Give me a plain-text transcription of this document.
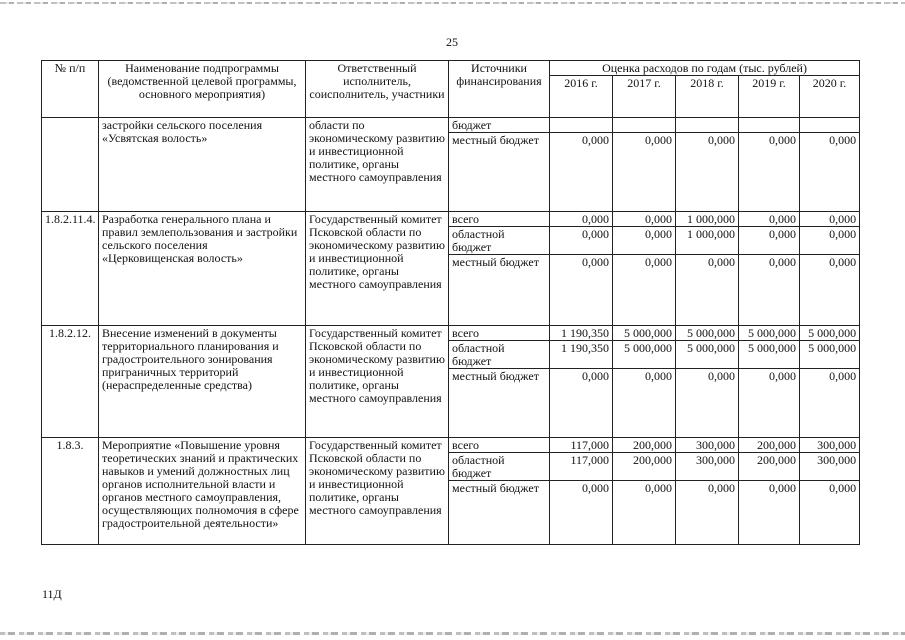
25
№ п/п	Наименование подпрограммы (ведомственной целевой программы, основного мероприятия)	Ответственный исполнитель, соисполнитель, участники	Источники финансирования	Оценка расходов по годам (тыс. рублей)				
				2016 г.	2017 г.	2018 г.	2019 г.	2020 г.
	застройки сельского поселения «Усвятская волость»	области по экономическому развитию и инвестиционной политике, органы местного самоуправления	бюджет					
			местный бюджет	0,000	0,000	0,000	0,000	0,000
1.8.2.11.4.	Разработка генерального плана и правил землепользования и застройки сельского поселения «Церковищенская волость»	Государственный комитет Псковской области по экономическому развитию и инвестиционной политике, органы местного самоуправления	всего	0,000	0,000	1 000,000	0,000	0,000
			областной бюджет	0,000	0,000	1 000,000	0,000	0,000
			местный бюджет	0,000	0,000	0,000	0,000	0,000
1.8.2.12.	Внесение изменений в документы территориального планирования и градостроительного зонирования приграничных территорий (нераспределенные средства)	Государственный комитет Псковской области по экономическому развитию и инвестиционной политике, органы местного самоуправления	всего	1 190,350	5 000,000	5 000,000	5 000,000	5 000,000
			областной бюджет	1 190,350	5 000,000	5 000,000	5 000,000	5 000,000
			местный бюджет	0,000	0,000	0,000	0,000	0,000
1.8.3.	Мероприятие «Повышение уровня теоретических знаний и практических навыков и умений должностных лиц органов исполнительной власти и органов местного самоуправления, осуществляющих полномочия в сфере градостроительной деятельности»	Государственный комитет Псковской области по экономическому развитию и инвестиционной политике, органы местного самоуправления	всего	117,000	200,000	300,000	200,000	300,000
			областной бюджет	117,000	200,000	300,000	200,000	300,000
			местный бюджет	0,000	0,000	0,000	0,000	0,000
11Д
